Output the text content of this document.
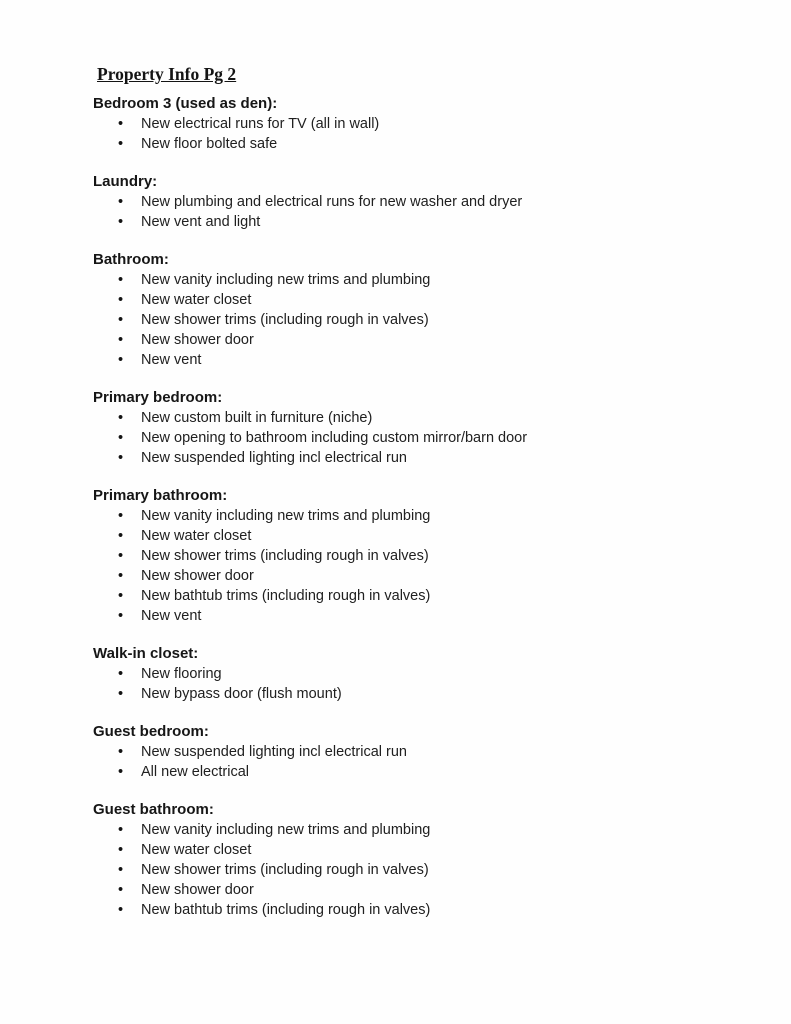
Property Info Pg 2
Bedroom 3 (used as den):
• New electrical runs for TV (all in wall)
• New floor bolted safe
Laundry:
• New plumbing and electrical runs for new washer and dryer
• New vent and light
Bathroom:
• New vanity including new trims and plumbing
• New water closet
• New shower trims (including rough in valves)
• New shower door
• New vent
Primary bedroom:
• New custom built in furniture (niche)
• New opening to bathroom including custom mirror/barn door
• New suspended lighting incl electrical run
Primary bathroom:
• New vanity including new trims and plumbing
• New water closet
• New shower trims (including rough in valves)
• New shower door
• New bathtub trims (including rough in valves)
• New vent
Walk-in closet:
• New flooring
• New bypass door (flush mount)
Guest bedroom:
• New suspended lighting incl electrical run
• All new electrical
Guest bathroom:
• New vanity including new trims and plumbing
• New water closet
• New shower trims (including rough in valves)
• New shower door
• New bathtub trims (including rough in valves)
